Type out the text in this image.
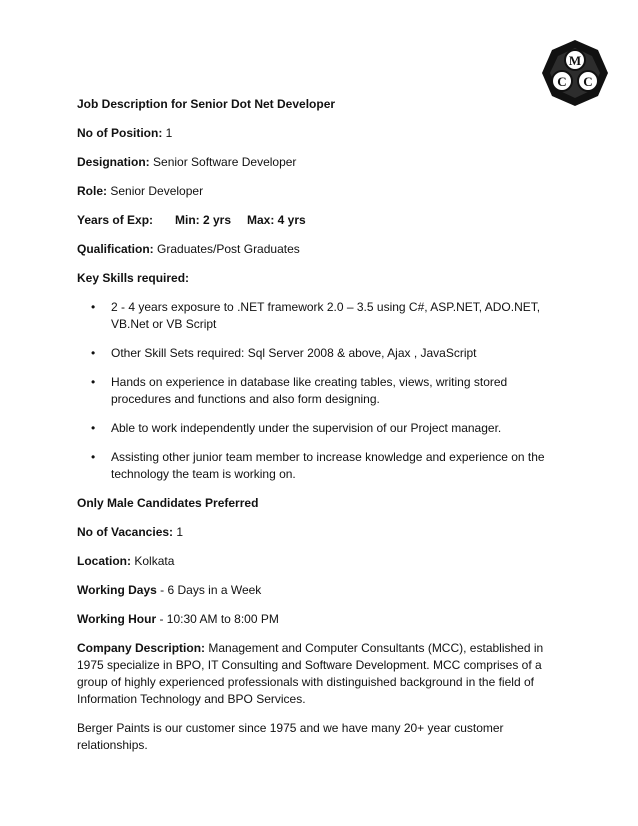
M
C C

Job Description for Senior Dot Net Developer

No of Position: 1

Designation: Senior Software Developer

Role: Senior Developer

Years of Exp: Min: 2 yrs Max: 4 yrs

Qualification: Graduates/Post Graduates

Key Skills required:

• 2 - 4 years exposure to .NET framework 2.0 – 3.5 using C#, ASP.NET, ADO.NET, VB.Net or VB Script
• Other Skill Sets required: Sql Server 2008 & above, Ajax , JavaScript
• Hands on experience in database like creating tables, views, writing stored procedures and functions and also form designing.
• Able to work independently under the supervision of our Project manager.
• Assisting other junior team member to increase knowledge and experience on the technology the team is working on.

Only Male Candidates Preferred

No of Vacancies: 1

Location: Kolkata

Working Days - 6 Days in a Week

Working Hour - 10:30 AM to 8:00 PM

Company Description: Management and Computer Consultants (MCC), established in 1975 specialize in BPO, IT Consulting and Software Development. MCC comprises of a group of highly experienced professionals with distinguished background in the field of Information Technology and BPO Services.

Berger Paints is our customer since 1975 and we have many 20+ year customer relationships.
